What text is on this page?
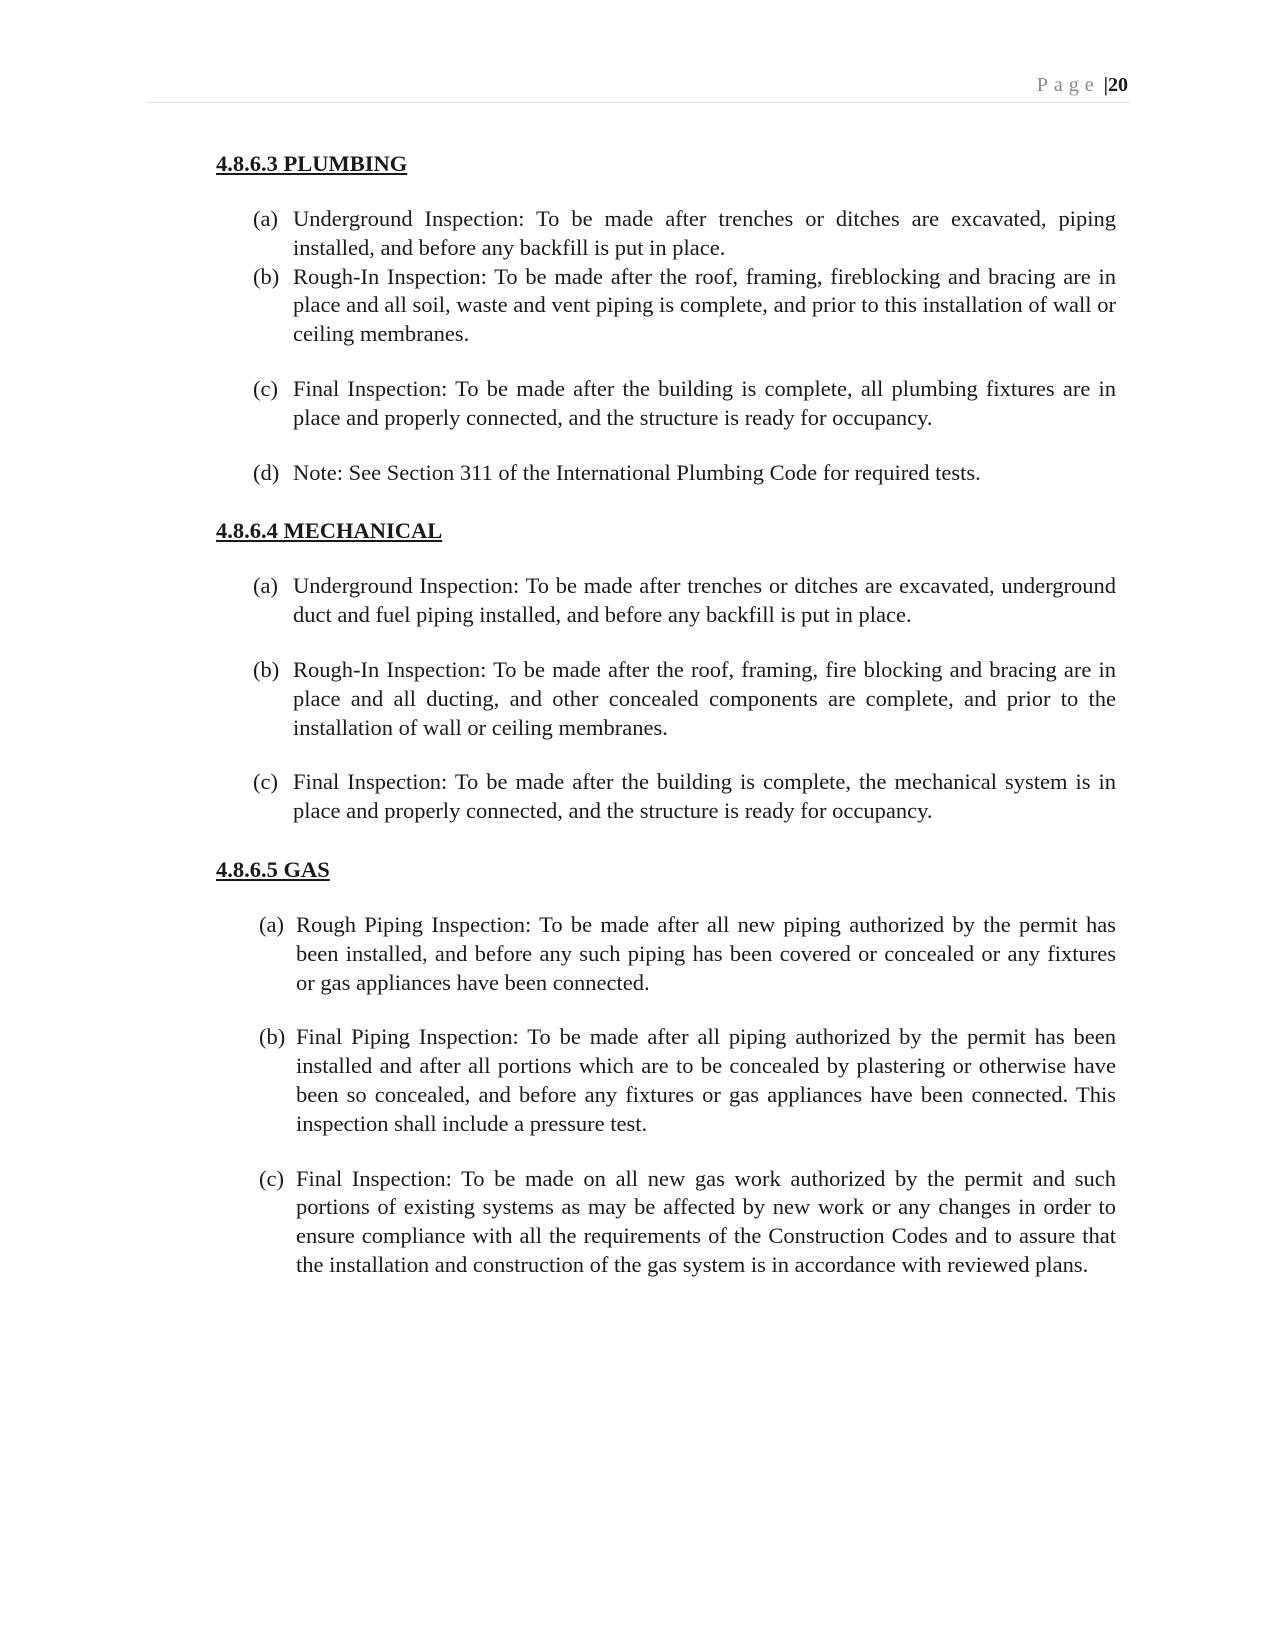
Page |20
4.8.6.3 PLUMBING
(a) Underground Inspection: To be made after trenches or ditches are excavated, piping installed, and before any backfill is put in place.
(b) Rough-In Inspection: To be made after the roof, framing, fireblocking and bracing are in place and all soil, waste and vent piping is complete, and prior to this installation of wall or ceiling membranes.
(c) Final Inspection: To be made after the building is complete, all plumbing fixtures are in place and properly connected, and the structure is ready for occupancy.
(d) Note: See Section 311 of the International Plumbing Code for required tests.
4.8.6.4 MECHANICAL
(a) Underground Inspection: To be made after trenches or ditches are excavated, underground duct and fuel piping installed, and before any backfill is put in place.
(b) Rough-In Inspection: To be made after the roof, framing, fire blocking and bracing are in place and all ducting, and other concealed components are complete, and prior to the installation of wall or ceiling membranes.
(c) Final Inspection: To be made after the building is complete, the mechanical system is in place and properly connected, and the structure is ready for occupancy.
4.8.6.5 GAS
(a) Rough Piping Inspection: To be made after all new piping authorized by the permit has been installed, and before any such piping has been covered or concealed or any fixtures or gas appliances have been connected.
(b) Final Piping Inspection: To be made after all piping authorized by the permit has been installed and after all portions which are to be concealed by plastering or otherwise have been so concealed, and before any fixtures or gas appliances have been connected. This inspection shall include a pressure test.
(c) Final Inspection: To be made on all new gas work authorized by the permit and such portions of existing systems as may be affected by new work or any changes in order to ensure compliance with all the requirements of the Construction Codes and to assure that the installation and construction of the gas system is in accordance with reviewed plans.
